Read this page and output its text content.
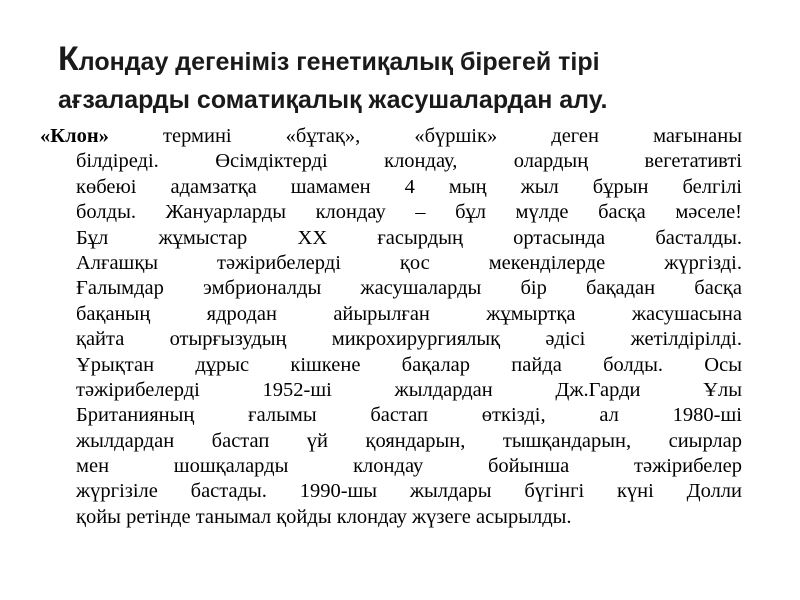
Клондау дегеніміз генетиқалық бірегей тірі
ағзаларды соматиқалық жасушалардан алу.
«Клон» термині «бұтақ», «бүршік» деген мағынаны
білдіреді. Өсімдіктерді клондау, олардың вегетативті
көбеюі адамзатқа шамамен 4 мың жыл бұрын белгілі
болды. Жануарларды клондау – бұл мүлде басқа мәселе!
Бұл жұмыстар XX ғасырдың ортасында басталды.
Алғашқы тәжірибелерді қос мекенділерде жүргізді.
Ғалымдар эмбрионалды жасушаларды бір бақадан басқа
бақаның ядродан айырылған жұмыртқа жасушасына
қайта отырғызудың микрохирургиялық әдісі жетілдірілді.
Ұрықтан дұрыс кішкене бақалар пайда болды. Осы
тәжірибелерді 1952-ші жылдардан Дж.Гарди Ұлы
Британияның ғалымы бастап өткізді, ал 1980-ші
жылдардан бастап үй қояндарын, тышқандарын, сиырлар
мен шошқаларды клондау бойынша тәжірибелер
жүргізіле бастады. 1990-шы жылдары бүгінгі күні Долли
қойы ретінде танымал қойды клондау жүзеге асырылды.
